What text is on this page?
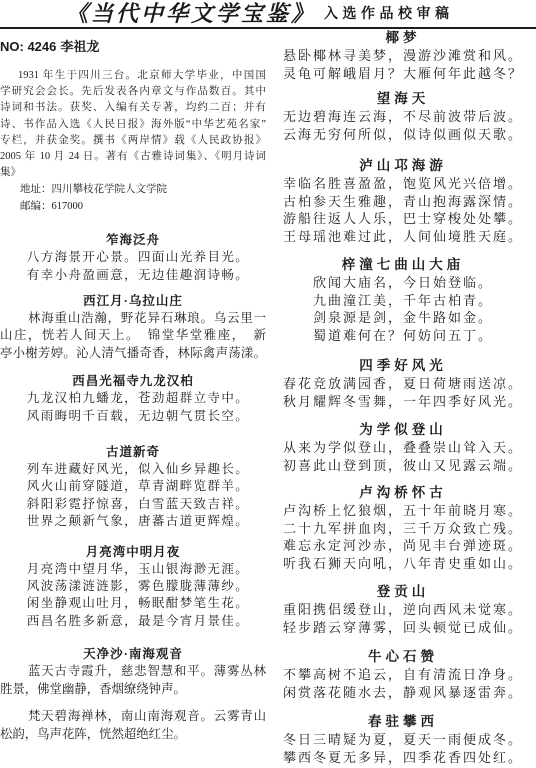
《当代中华文学宝鉴》 入选作品校审稿
NO: 4246 李祖龙
1931 年生于四川三台。北京师大学毕业，中国国
学研究会会长。先后发表各内章文与作品数百。其中
诗词和书法。获奖、入编有关专著，均约二百；并有
诗、书作品入选《人民日报》海外版“中华艺苑名家”
专栏，并获金奖。撰书《两岸情》载《人民政协报》
2005 年 10 月 24 日。著有《古雅诗词集》、《明月诗词
集》
地址：四川攀枝花学院人文学院
邮编：617000
笮海泛舟
八方海景开心景。四面山光养目光。
有幸小舟盈画意，无边佳趣润诗畅。
西江月·乌拉山庄
林海重山浩瀚，野花异石琳琅。乌云里一
山庄，恍若人间天上。　锦堂华堂雅座，　新
亭小榭芳婷。沁人清气播奇香，林际禽声荡漾。
西昌光福寺九龙汉柏
九龙汉柏九蟠龙，苍劲超群立寺中。
风雨晦明千百载，无边朝气贯长空。
古道新奇
列车进藏好风光，似入仙乡异趣长。
风火山前穿隧道，草青湖畔览群羊。
斜阳彩霓抒惊喜，白雪蓝天致吉祥。
世界之颠新气象，唐蕃古道更辉煌。
月亮湾中明月夜
月亮湾中望月华，玉山银海渺无涯。
风波荡漾涟涟影，雾色朦胧薄薄纱。
闲坐静观山吐月，畅眠酣梦笔生花。
西昌名胜多新意，最是今宵月景佳。
天净沙·南海观音
蓝天古寺霞升，慈悲智慧和平。薄雾丛林
胜景，佛堂幽静，香烟缭绕钟声。
梵天碧海禅林，南山南海观音。云雾青山
松韵，鸟声花阵，恍然超绝红尘。
椰梦
悬卧椰林寻美梦，漫游沙滩赏和风。
灵龟可解峨眉月？大雁何年此越冬？
望海天
无边碧海连云海，不尽前波带后波。
云海无穷何所似，似诗似画似天歌。
泸山邛海游
幸临名胜喜盈盈，饱览风光兴倍增。
古柏参天生雅趣，青山抱海露深情。
游船往返人人乐，巴士穿梭处处攀。
王母瑶池难过此，人间仙境胜天庭。
梓潼七曲山大庙
欣闻大庙名，今日始登临。
九曲潼江美，千年古柏青。
剑泉源是剑，金牛路如金。
蜀道难何在？何妨问五丁。
四季好风光
春花竞放满园香，夏日荷塘雨送凉。
秋月耀辉冬雪舞，一年四季好风光。
为学似登山
从来为学似登山，叠叠崇山耸入天。
初喜此山登到顶，彼山又见露云端。
卢沟桥怀古
卢沟桥上忆狼烟，五十年前晓月寒。
二十九军拼血肉，三千万众致亡残。
难忘永定河沙赤，尚见丰台弹迹斑。
听我石狮天向吼，八年青史重如山。
登贡山
重阳携侣缓登山，逆向西风未觉寒。
轻步踏云穿薄雾，回头顿觉已成仙。
牛心石赞
不攀高树不追云，自有清流日净身。
闲赏落花随水去，静观风暴逐雷奔。
春驻攀西
冬日三晴疑为夏，夏天一雨便成冬。
攀西冬夏无多异，四季花香四处红。
